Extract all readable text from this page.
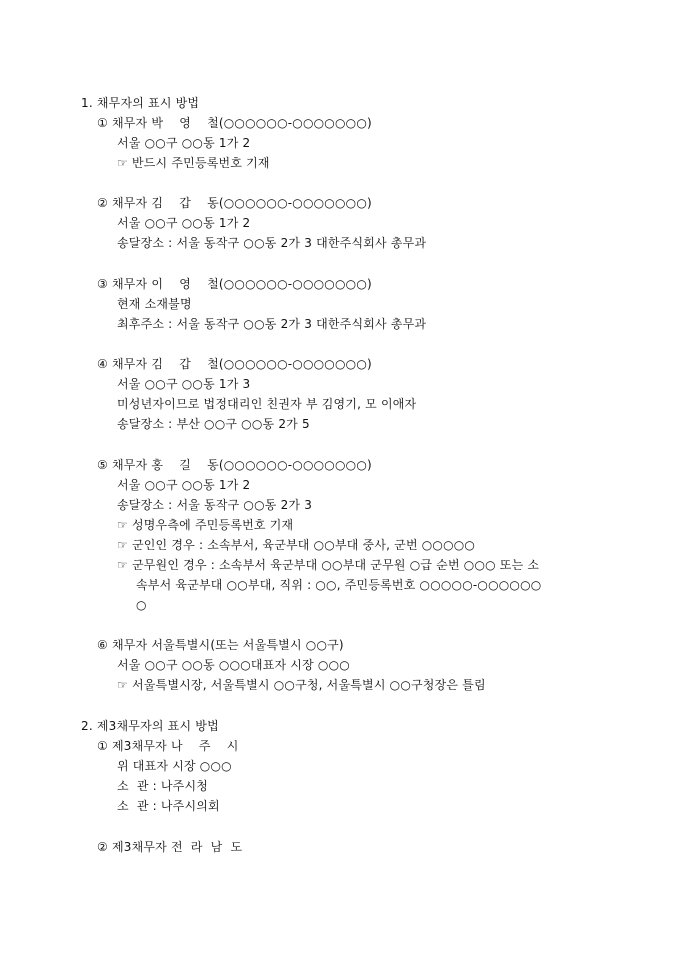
1. 채무자의 표시 방법
① 채무자 박    영    철(○○○○○○-○○○○○○○)
서울 ○○구 ○○동 1가 2
☞ 반드시 주민등록번호 기재
② 채무자 김    갑    동(○○○○○○-○○○○○○○)
서울 ○○구 ○○동 1가 2
송달장소 : 서울 동작구 ○○동 2가 3 대한주식회사 총무과
③ 채무자 이    영    철(○○○○○○-○○○○○○○)
현재 소재불명
최후주소 : 서울 동작구 ○○동 2가 3 대한주식회사 총무과
④ 채무자 김    갑    철(○○○○○○-○○○○○○○)
서울 ○○구 ○○동 1가 3
미성년자이므로 법정대리인 친권자 부 김영기, 모 이애자
송달장소 : 부산 ○○구 ○○동 2가 5
⑤ 채무자 홍    길    동(○○○○○○-○○○○○○○)
서울 ○○구 ○○동 1가 2
송달장소 : 서울 동작구 ○○동 2가 3
☞ 성명우측에 주민등록번호 기재
☞ 군인인 경우 : 소속부서, 육군부대 ○○부대 중사, 군번 ○○○○○
☞ 군무원인 경우 : 소속부서 육군부대 ○○부대 군무원 ○급 순번 ○○○ 또는 소
속부서 육군부대 ○○부대, 직위 : ○○, 주민등록번호 ○○○○○-○○○○○○
○
⑥ 채무자 서울특별시(또는 서울특별시 ○○구)
서울 ○○구 ○○동 ○○○대표자 시장 ○○○
☞ 서울특별시장, 서울특별시 ○○구청, 서울특별시 ○○구청장은 틀림
2. 제3채무자의 표시 방법
① 제3채무자 나    주    시
위 대표자 시장 ○○○
소  관 : 나주시청
소  관 : 나주시의회
② 제3채무자 전  라  남  도
